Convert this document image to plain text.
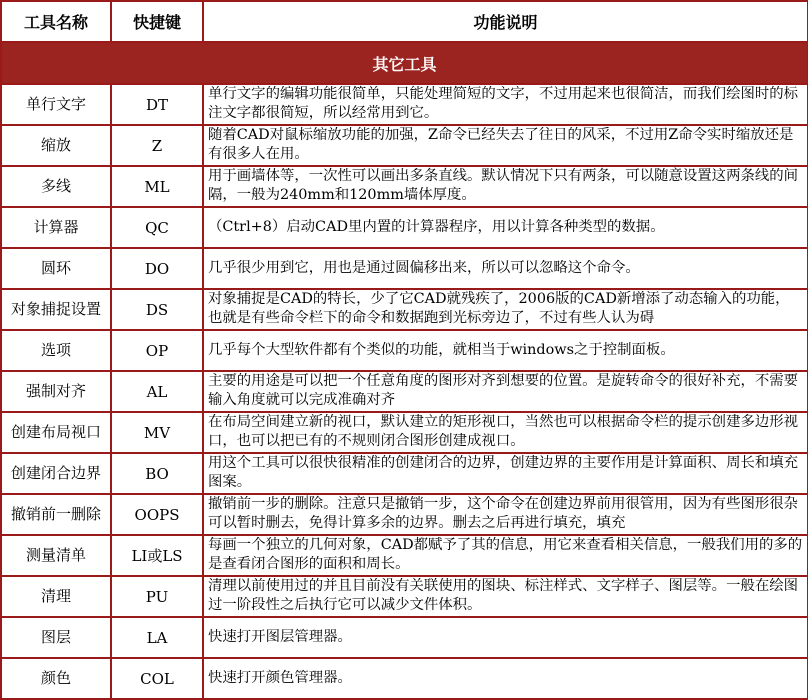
工具名称	快捷键	功能说明
其它工具		
单行文字	DT	单行文字的编辑功能很简单，只能处理简短的文字，不过用起来也很简洁，而我们绘图时的标注文字都很简短，所以经常用到它。

缩放	Z	随着CAD对鼠标缩放功能的加强，Z命令已经失去了往日的风采，不过用Z命令实时缩放还是有很多人在用。

多线	ML	用于画墙体等，一次性可以画出多条直线。默认情况下只有两条，可以随意设置这两条线的间隔，一般为240mm和120mm墙体厚度。

计算器	QC	（Ctrl+8）启动CAD里内置的计算器程序，用以计算各种类型的数据。

圆环	DO	几乎很少用到它，用也是通过圆偏移出来，所以可以忽略这个命令。

对象捕捉设置	DS	对象捕捉是CAD的特长，少了它CAD就残疾了，2006版的CAD新增添了动态输入的功能，也就是有些命令栏下的命令和数据跑到光标旁边了，不过有些人认为碍

选项	OP	几乎每个大型软件都有个类似的功能，就相当于windows之于控制面板。

强制对齐	AL	主要的用途是可以把一个任意角度的图形对齐到想要的位置。是旋转命令的很好补充，不需要输入角度就可以完成准确对齐

创建布局视口	MV	在布局空间建立新的视口，默认建立的矩形视口，当然也可以根据命令栏的提示创建多边形视口，也可以把已有的不规则闭合图形创建成视口。

创建闭合边界	BO	用这个工具可以很快很精准的创建闭合的边界，创建边界的主要作用是计算面积、周长和填充图案。

撤销前一删除	OOPS	撤销前一步的删除。注意只是撤销一步，这个命令在创建边界前用很管用，因为有些图形很杂可以暂时删去，免得计算多余的边界。删去之后再进行填充，填充

测量清单	LI或LS	每画一个独立的几何对象，CAD都赋予了其的信息，用它来查看相关信息，一般我们用的多的是查看闭合图形的面积和周长。

清理	PU	清理以前使用过的并且目前没有关联使用的图块、标注样式、文字样子、图层等。一般在绘图过一阶段性之后执行它可以减少文件体积。

图层	LA	快速打开图层管理器。

颜色	COL	快速打开颜色管理器。
